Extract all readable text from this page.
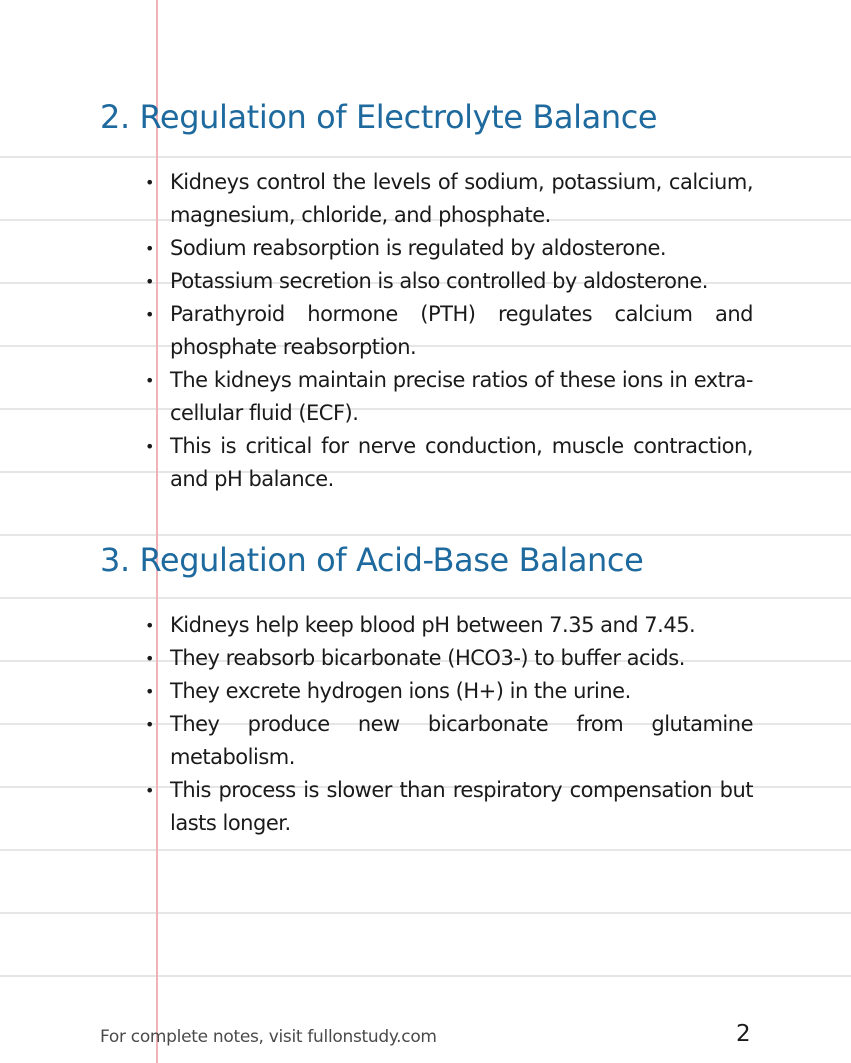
2. Regulation of Electrolyte Balance
• Kidneys control the levels of sodium, potassium, calcium, magnesium, chloride, and phosphate.
• Sodium reabsorption is regulated by aldosterone.
• Potassium secretion is also controlled by aldosterone.
• Parathyroid hormone (PTH) regulates calcium and phosphate reabsorption.
• The kidneys maintain precise ratios of these ions in extra-cellular fluid (ECF).
• This is critical for nerve conduction, muscle contraction, and pH balance.
3. Regulation of Acid-Base Balance
• Kidneys help keep blood pH between 7.35 and 7.45.
• They reabsorb bicarbonate (HCO3-) to buffer acids.
• They excrete hydrogen ions (H+) in the urine.
• They produce new bicarbonate from glutamine metabolism.
• This process is slower than respiratory compensation but lasts longer.
For complete notes, visit fullonstudy.com	2
